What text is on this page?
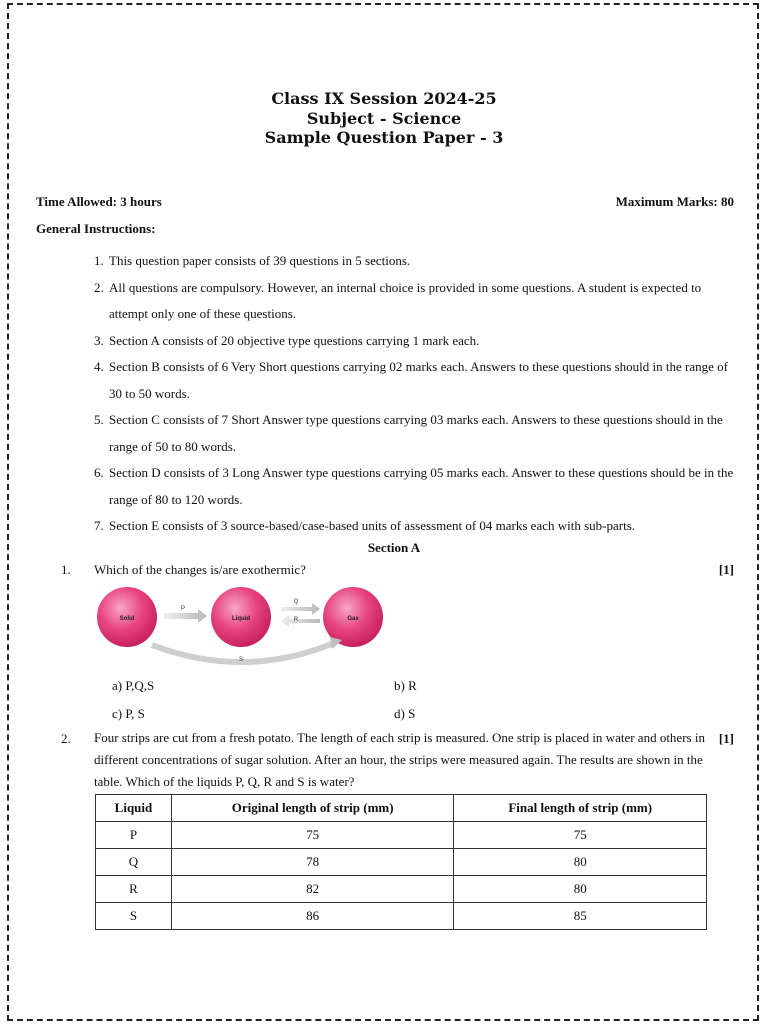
Class IX Session 2024-25
Subject - Science
Sample Question Paper - 3
Time Allowed: 3 hours	Maximum Marks: 80
General Instructions:
1. This question paper consists of 39 questions in 5 sections.
2. All questions are compulsory. However, an internal choice is provided in some questions. A student is expected to attempt only one of these questions.
3. Section A consists of 20 objective type questions carrying 1 mark each.
4. Section B consists of 6 Very Short questions carrying 02 marks each. Answers to these questions should in the range of 30 to 50 words.
5. Section C consists of 7 Short Answer type questions carrying 03 marks each. Answers to these questions should in the range of 50 to 80 words.
6. Section D consists of 3 Long Answer type questions carrying 05 marks each. Answer to these questions should be in the range of 80 to 120 words.
7. Section E consists of 3 source-based/case-based units of assessment of 04 marks each with sub-parts.
Section A
1. Which of the changes is/are exothermic?	[1]
Solid	Liquid	Gas
P
Q
R
S
a) P,Q,S	b) R
c) P, S	d) S
2. Four strips are cut from a fresh potato. The length of each strip is measured. One strip is placed in water and others in different concentrations of sugar solution. After an hour, the strips were measured again. The results are shown in the table. Which of the liquids P, Q, R and S is water?
[1]
Liquid	Original length of strip (mm)	Final length of strip (mm)
P	75	75
Q	78	80
R	82	80
S	86	85
